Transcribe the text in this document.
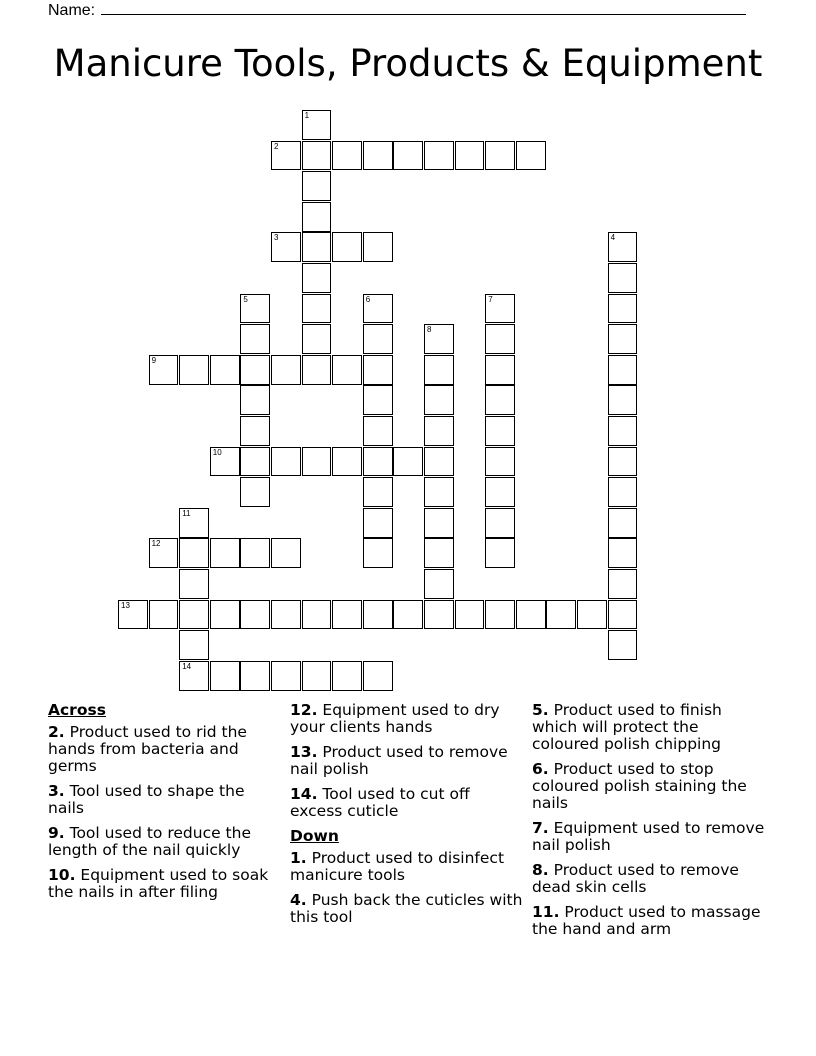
Name:
Manicure Tools, Products & Equipment
1
2
3	4
5	6	7
8
9
10
11
14
12
13
Across
2. Product used to rid the hands from bacteria and germs
3. Tool used to shape the nails
9. Tool used to reduce the length of the nail quickly
10. Equipment used to soak the nails in after filing
12. Equipment used to dry your clients hands
13. Product used to remove nail polish
14. Tool used to cut off excess cuticle
Down
1. Product used to disinfect manicure tools
4. Push back the cuticles with this tool
5. Product used to finish which will protect the coloured polish chipping
6. Product used to stop coloured polish staining the nails
7. Equipment used to remove nail polish
8. Product used to remove dead skin cells
11. Product used to massage the hand and arm
